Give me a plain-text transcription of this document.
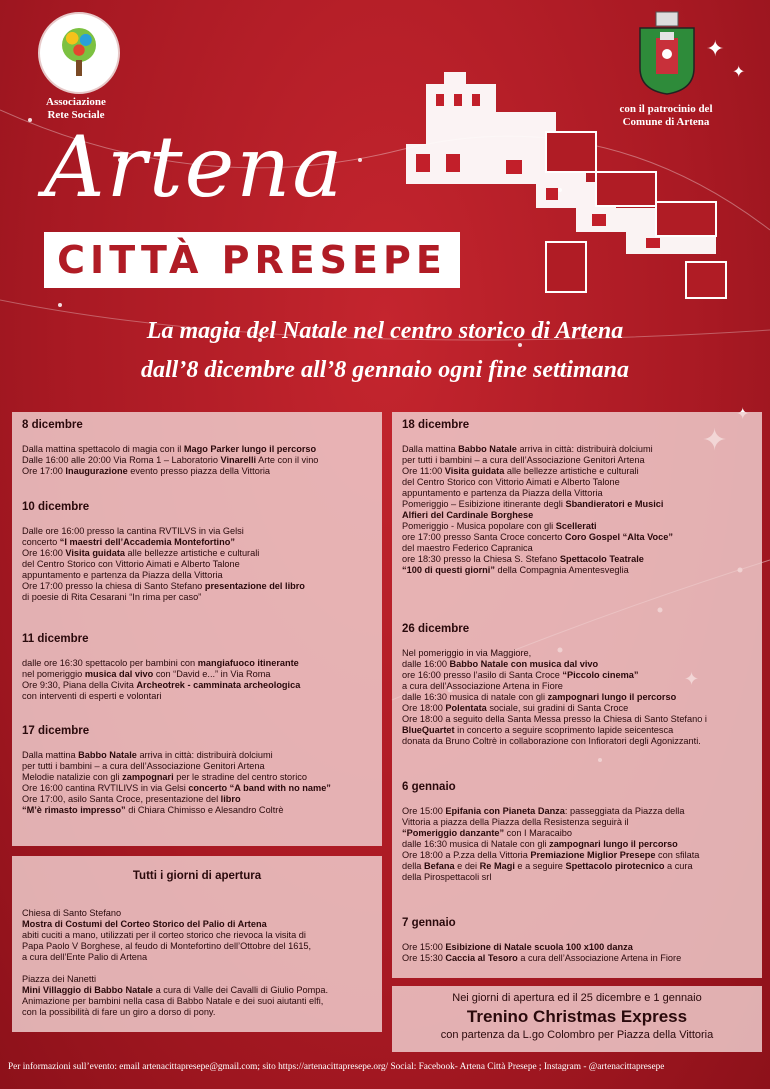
✦
✦
Associazione
Rete Sociale	con il patrocinio del
Comune di Artena
Artena
CITTÀ PRESEPE
La magia del Natale nel centro storico di Artena
dall’8 dicembre all’8 gennaio ogni fine settimana
8 dicembre

Dalla mattina spettacolo di magia con il Mago Parker lungo il percorso

Dalle 16:00 alle 20:00 Via Roma 1 – Laboratorio Vinarelli Arte con il vino

Ore 17:00 Inaugurazione evento presso piazza della Vittoria

10 dicembre

Dalle ore 16:00 presso la cantina RVTILVS in via Gelsi

concerto “I maestri dell’Accademia Montefortino”

Ore 16:00 Visita guidata alle bellezze artistiche e culturali

del Centro Storico con Vittorio Aimati e Alberto Talone

appuntamento e partenza da Piazza della Vittoria

Ore 17:00 presso la chiesa di Santo Stefano presentazione del libro

di poesie di Rita Cesarani “In rima per caso”

11 dicembre

dalle ore 16:30 spettacolo per bambini con mangiafuoco itinerante

nel pomeriggio musica dal vivo con “David e...” in Via Roma

Ore 9:30, Piana della Civita Archeotrek - camminata archeologica

con interventi di esperti e volontari

17 dicembre

Dalla mattina Babbo Natale arriva in città: distribuirà dolciumi

per tutti i bambini – a cura dell’Associazione Genitori Artena

Melodie natalizie con gli zampognari per le stradine del centro storico

Ore 16:00 cantina RVTILIVS in via Gelsi concerto “A band with no name”

Ore 17:00, asilo Santa Croce, presentazione del libro

“M’è rimasto impresso” di Chiara Chimisso e Alesandro Coltrè

Tutti i giorni di apertura

Chiesa di Santo Stefano

Mostra di Costumi del Corteo Storico del Palio di Artena

abiti cuciti a mano, utilizzati per il corteo storico che rievoca la visita di

Papa Paolo V Borghese, al feudo di Montefortino dell’Ottobre del 1615,

a cura dell’Ente Palio di Artena

Piazza dei Nanetti

Mini Villaggio di Babbo Natale a cura di Valle dei Cavalli di Giulio Pompa.

Animazione per bambini nella casa di Babbo Natale e dei suoi aiutanti elfi,

con la possibilità di fare un giro a dorso di pony.

18 dicembre

Dalla mattina Babbo Natale arriva in città: distribuirà dolciumi

per tutti i bambini – a cura dell’Associazione Genitori Artena

Ore 11:00 Visita guidata alle bellezze artistiche e culturali

del Centro Storico con Vittorio Aimati e Alberto Talone

appuntamento e partenza da Piazza della Vittoria

Pomeriggio – Esibizione itinerante degli Sbandieratori e Musici

Alfieri del Cardinale Borghese

Pomeriggio - Musica popolare con gli Scellerati

ore 17:00 presso Santa Croce concerto Coro Gospel “Alta Voce”

del maestro Federico Capranica

ore 18:30 presso la Chiesa S. Stefano Spettacolo Teatrale

“100 di questi giorni” della Compagnia Amentesveglia

26 dicembre

Nel pomeriggio in via Maggiore,

dalle 16:00 Babbo Natale con musica dal vivo

ore 16:00 presso l’asilo di Santa Croce “Piccolo cinema”

a cura dell’Associazione Artena in Fiore

dalle 16:30 musica di natale con gli zampognari lungo il percorso

Ore 18:00 Polentata sociale, sui gradini di Santa Croce

Ore 18:00 a seguito della Santa Messa presso la Chiesa di Santo Stefano i

BlueQuartet in concerto a seguire scoprimento lapide seicentesca

donata da Bruno Coltrè in collaborazione con Infioratori degli Agonizzanti.

6 gennaio

Ore 15:00 Epifania con Pianeta Danza: passeggiata da Piazza della

Vittoria a piazza della Piazza della Resistenza seguirà il

“Pomeriggio danzante” con I Maracaibo

dalle 16:30 musica di Natale con gli zampognari lungo il percorso

Ore 18:00 a P.zza della Vittoria Premiazione Miglior Presepe con sfilata

della Befana e dei Re Magi e a seguire Spettacolo pirotecnico a cura

della Pirospettacoli srl

7 gennaio

Ore 15:00 Esibizione di Natale scuola 100 x100 danza

Ore 15:30 Caccia al Tesoro a cura dell’Associazione Artena in Fiore

Nei giorni di apertura ed il 25 dicembre e 1 gennaio
Trenino Christmas Express
con partenza da L.go Colombro per Piazza della Vittoria
Per informazioni sull’evento: email artenacittapresepe@gmail.com; sito https://artenacittapresepe.org/ Social: Facebook- Artena Città Presepe ; Instagram - @artenacittapresepe
